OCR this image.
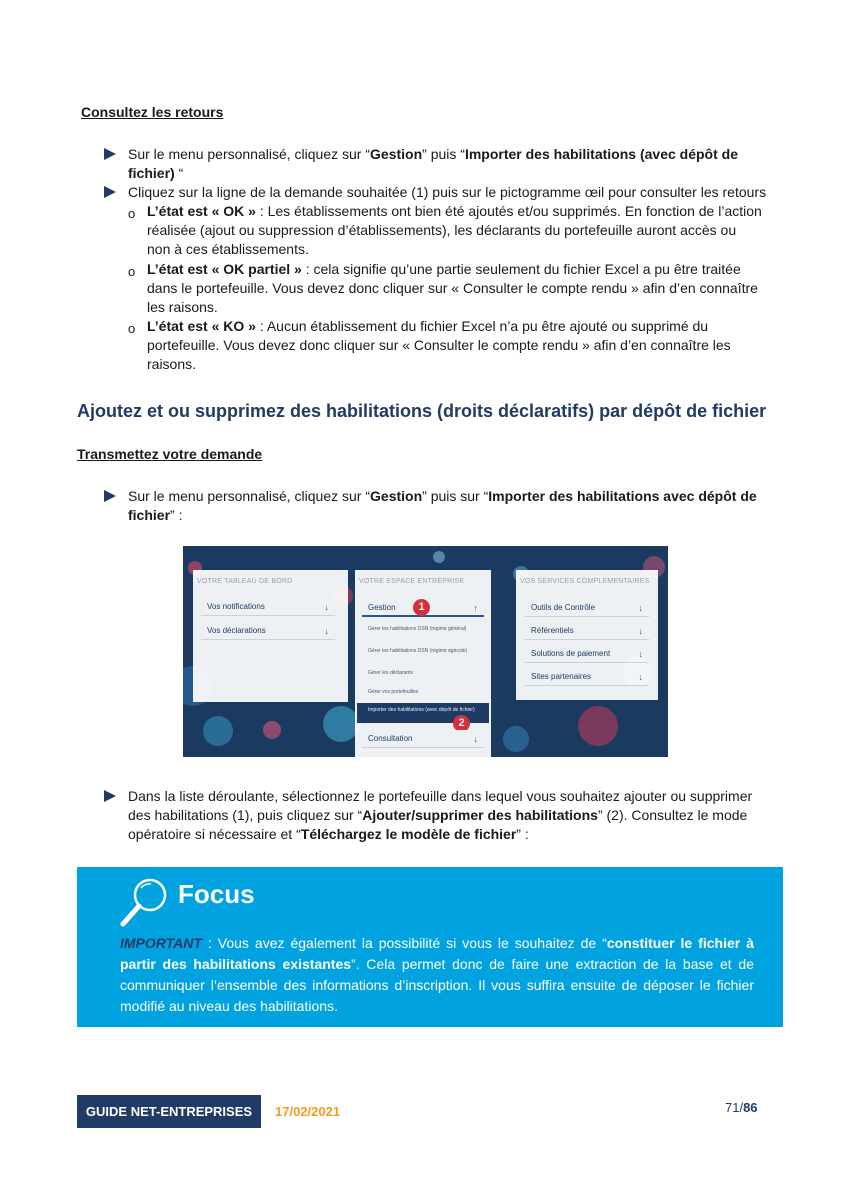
Consultez les retours
Sur le menu personnalisé, cliquez sur “Gestion” puis “Importer des habilitations (avec dépôt de
fichier) “
Cliquez sur la ligne de la demande souhaitée (1) puis sur le pictogramme œil pour consulter les retours
o L’état est « OK » : Les établissements ont bien été ajoutés et/ou supprimés. En fonction de l’action
réalisée (ajout ou suppression d’établissements), les déclarants du portefeuille auront accès ou
non à ces établissements.
o L’état est « OK partiel » : cela signifie qu’une partie seulement du fichier Excel a pu être traitée
dans le portefeuille. Vous devez donc cliquer sur « Consulter le compte rendu » afin d’en connaître
les raisons.
o L’état est « KO » : Aucun établissement du fichier Excel n’a pu être ajouté ou supprimé du
portefeuille. Vous devez donc cliquer sur « Consulter le compte rendu » afin d’en connaître les
raisons.
Ajoutez et ou supprimez des habilitations (droits déclaratifs) par dépôt de fichier
Transmettez votre demande
Sur le menu personnalisé, cliquez sur “Gestion” puis sur “Importer des habilitations avec dépôt de
fichier” :
VOTRE TABLEAU DE BORD
Vos notifications	↓
Vos déclarations	↓
VOTRE ESPACE ENTREPRISE
Gestion	↑
1
Gérer les habilitations DSN (régime général)
Gérer les habilitations DSN (régime agricole)
Gérer les déclarants
Gérer vos portefeuilles
Importer des habilitations (avec dépôt de fichier)
2
Consultation	↓
VOS SERVICES COMPLEMENTAIRES
Outils de Contrôle	↓
Référentiels	↓
Solutions de paiement	↓
Sites partenaires	↓
Dans la liste déroulante, sélectionnez le portefeuille dans lequel vous souhaitez ajouter ou supprimer
des habilitations (1), puis cliquez sur “Ajouter/supprimer des habilitations” (2). Consultez le mode
opératoire si nécessaire et “Téléchargez le modèle de fichier” :
Focus
IMPORTANT : Vous avez également la possibilité si vous le souhaitez de “constituer le fichier à partir des habilitations existantes”. Cela permet donc de faire une extraction de la base et de communiquer l’ensemble des informations d’inscription. Il vous suffira ensuite de déposer le fichier modifié au niveau des habilitations.
GUIDE NET-ENTREPRISES	17/02/2021	71/86
